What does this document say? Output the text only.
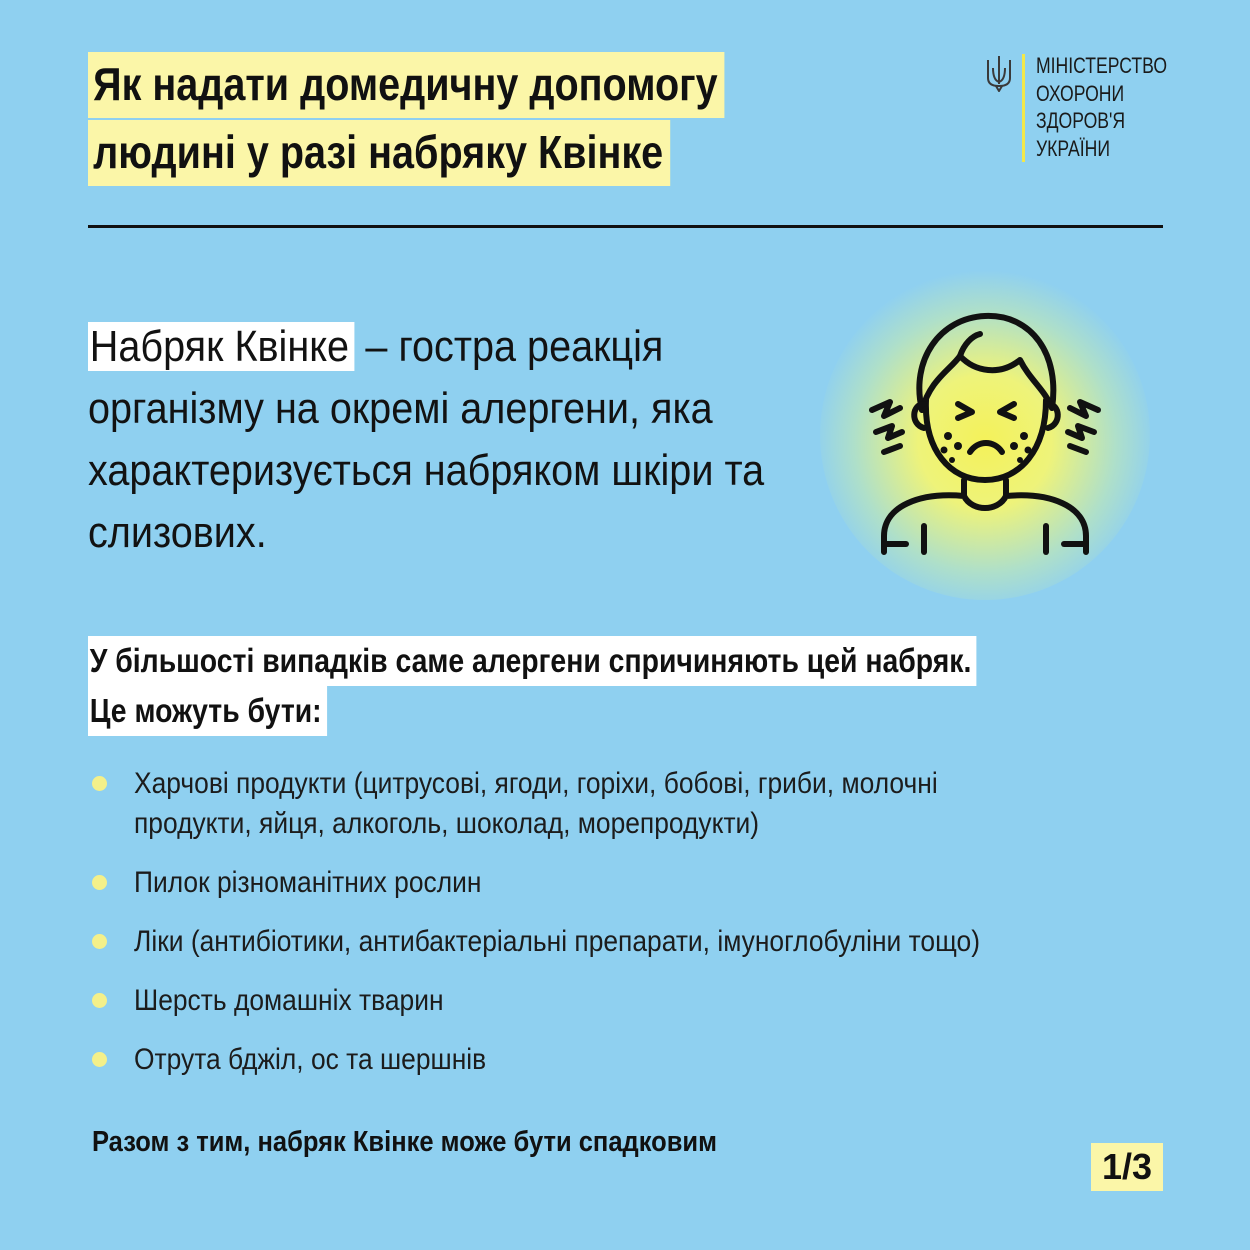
Як надати домедичну допомогу
людині у разі набряку Квінке
МІНІСТЕРСТВО
ОХОРОНИ
ЗДОРОВ'Я
УКРАЇНИ

Набряк Квінке – гостра реакція організму на окремі алергени, яка характеризується набряком шкіри та слизових.

У більшості випадків саме алергени спричиняють цей набряк.
Це можуть бути:
Харчові продукти (цитрусові, ягоди, горіхи, бобові, гриби, молочні продукти, яйця, алкоголь, шоколад, морепродукти)
Пилок різноманітних рослин
Ліки (антибіотики, антибактеріальні препарати, імуноглобуліни тощо)
Шерсть домашніх тварин
Отрута бджіл, ос та шершнів
Разом з тим, набряк Квінке може бути спадковим
1/3
